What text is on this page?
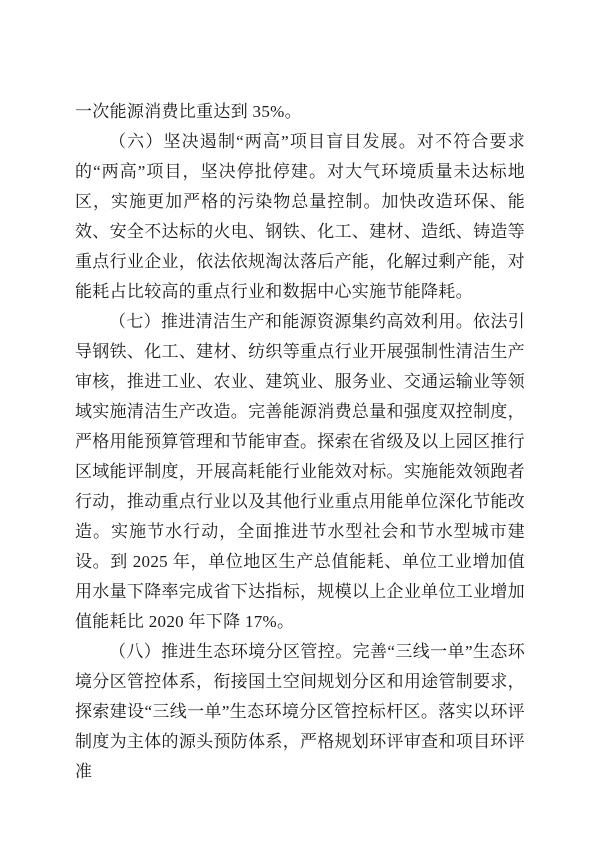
一次能源消费比重达到 35%。

（六）坚决遏制“两高”项目盲目发展。对不符合要求的“两高”项目，坚决停批停建。对大气环境质量未达标地区，实施更加严格的污染物总量控制。加快改造环保、能效、安全不达标的火电、钢铁、化工、建材、造纸、铸造等重点行业企业，依法依规淘汰落后产能，化解过剩产能，对能耗占比较高的重点行业和数据中心实施节能降耗。

（七）推进清洁生产和能源资源集约高效利用。依法引导钢铁、化工、建材、纺织等重点行业开展强制性清洁生产审核，推进工业、农业、建筑业、服务业、交通运输业等领域实施清洁生产改造。完善能源消费总量和强度双控制度，严格用能预算管理和节能审查。探索在省级及以上园区推行区域能评制度，开展高耗能行业能效对标。实施能效领跑者行动，推动重点行业以及其他行业重点用能单位深化节能改造。实施节水行动，全面推进节水型社会和节水型城市建设。到 2025 年，单位地区生产总值能耗、单位工业增加值用水量下降率完成省下达指标，规模以上企业单位工业增加值能耗比 2020 年下降 17%。

（八）推进生态环境分区管控。完善“三线一单”生态环境分区管控体系，衔接国土空间规划分区和用途管制要求，探索建设“三线一单”生态环境分区管控标杆区。落实以环评制度为主体的源头预防体系，严格规划环评审查和项目环评准
